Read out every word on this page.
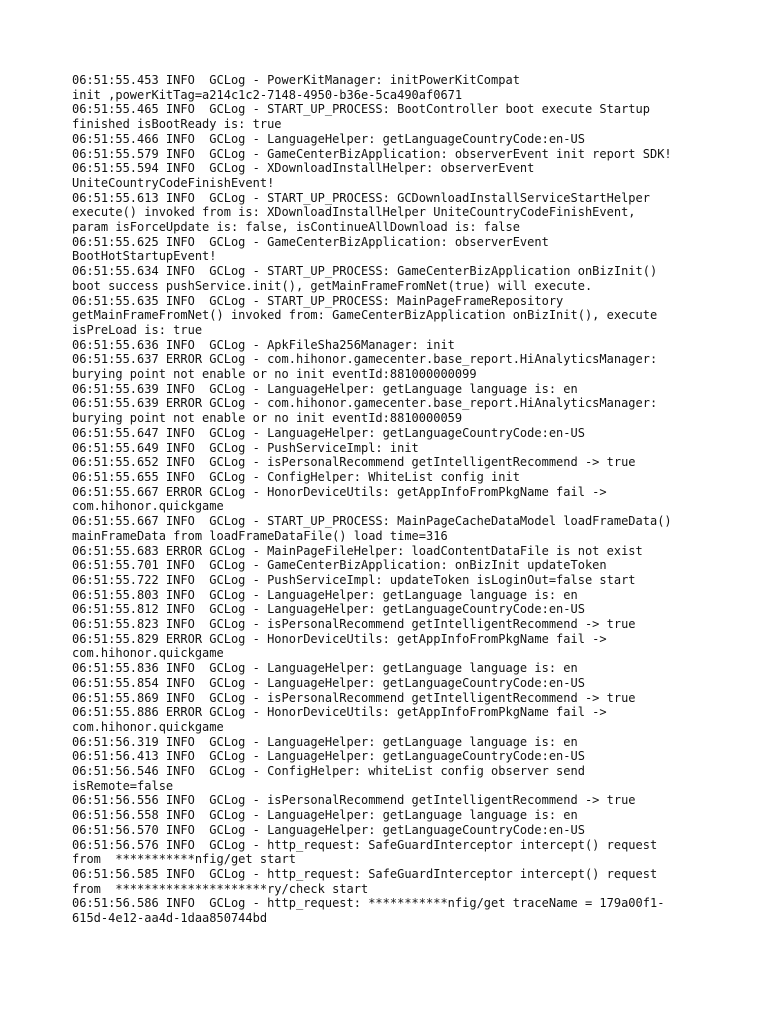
06:51:55.453 INFO  GCLog - PowerKitManager: initPowerKitCompat
init ,powerKitTag=a214c1c2-7148-4950-b36e-5ca490af0671
06:51:55.465 INFO  GCLog - START_UP_PROCESS: BootController boot execute Startup
finished isBootReady is: true
06:51:55.466 INFO  GCLog - LanguageHelper: getLanguageCountryCode:en-US
06:51:55.579 INFO  GCLog - GameCenterBizApplication: observerEvent init report SDK!
06:51:55.594 INFO  GCLog - XDownloadInstallHelper: observerEvent
UniteCountryCodeFinishEvent!
06:51:55.613 INFO  GCLog - START_UP_PROCESS: GCDownloadInstallServiceStartHelper
execute() invoked from is: XDownloadInstallHelper UniteCountryCodeFinishEvent,
param isForceUpdate is: false, isContinueAllDownload is: false
06:51:55.625 INFO  GCLog - GameCenterBizApplication: observerEvent
BootHotStartupEvent!
06:51:55.634 INFO  GCLog - START_UP_PROCESS: GameCenterBizApplication onBizInit()
boot success pushService.init(), getMainFrameFromNet(true) will execute.
06:51:55.635 INFO  GCLog - START_UP_PROCESS: MainPageFrameRepository
getMainFrameFromNet() invoked from: GameCenterBizApplication onBizInit(), execute
isPreLoad is: true
06:51:55.636 INFO  GCLog - ApkFileSha256Manager: init
06:51:55.637 ERROR GCLog - com.hihonor.gamecenter.base_report.HiAnalyticsManager:
burying point not enable or no init eventId:881000000099
06:51:55.639 INFO  GCLog - LanguageHelper: getLanguage language is: en
06:51:55.639 ERROR GCLog - com.hihonor.gamecenter.base_report.HiAnalyticsManager:
burying point not enable or no init eventId:8810000059
06:51:55.647 INFO  GCLog - LanguageHelper: getLanguageCountryCode:en-US
06:51:55.649 INFO  GCLog - PushServiceImpl: init
06:51:55.652 INFO  GCLog - isPersonalRecommend getIntelligentRecommend -> true
06:51:55.655 INFO  GCLog - ConfigHelper: WhiteList config init
06:51:55.667 ERROR GCLog - HonorDeviceUtils: getAppInfoFromPkgName fail ->
com.hihonor.quickgame
06:51:55.667 INFO  GCLog - START_UP_PROCESS: MainPageCacheDataModel loadFrameData()
mainFrameData from loadFrameDataFile() load time=316
06:51:55.683 ERROR GCLog - MainPageFileHelper: loadContentDataFile is not exist
06:51:55.701 INFO  GCLog - GameCenterBizApplication: onBizInit updateToken
06:51:55.722 INFO  GCLog - PushServiceImpl: updateToken isLoginOut=false start
06:51:55.803 INFO  GCLog - LanguageHelper: getLanguage language is: en
06:51:55.812 INFO  GCLog - LanguageHelper: getLanguageCountryCode:en-US
06:51:55.823 INFO  GCLog - isPersonalRecommend getIntelligentRecommend -> true
06:51:55.829 ERROR GCLog - HonorDeviceUtils: getAppInfoFromPkgName fail ->
com.hihonor.quickgame
06:51:55.836 INFO  GCLog - LanguageHelper: getLanguage language is: en
06:51:55.854 INFO  GCLog - LanguageHelper: getLanguageCountryCode:en-US
06:51:55.869 INFO  GCLog - isPersonalRecommend getIntelligentRecommend -> true
06:51:55.886 ERROR GCLog - HonorDeviceUtils: getAppInfoFromPkgName fail ->
com.hihonor.quickgame
06:51:56.319 INFO  GCLog - LanguageHelper: getLanguage language is: en
06:51:56.413 INFO  GCLog - LanguageHelper: getLanguageCountryCode:en-US
06:51:56.546 INFO  GCLog - ConfigHelper: whiteList config observer send
isRemote=false
06:51:56.556 INFO  GCLog - isPersonalRecommend getIntelligentRecommend -> true
06:51:56.558 INFO  GCLog - LanguageHelper: getLanguage language is: en
06:51:56.570 INFO  GCLog - LanguageHelper: getLanguageCountryCode:en-US
06:51:56.576 INFO  GCLog - http_request: SafeGuardInterceptor intercept() request
from  ***********nfig/get start
06:51:56.585 INFO  GCLog - http_request: SafeGuardInterceptor intercept() request
from  *********************ry/check start
06:51:56.586 INFO  GCLog - http_request: ***********nfig/get traceName = 179a00f1-
615d-4e12-aa4d-1daa850744bd
